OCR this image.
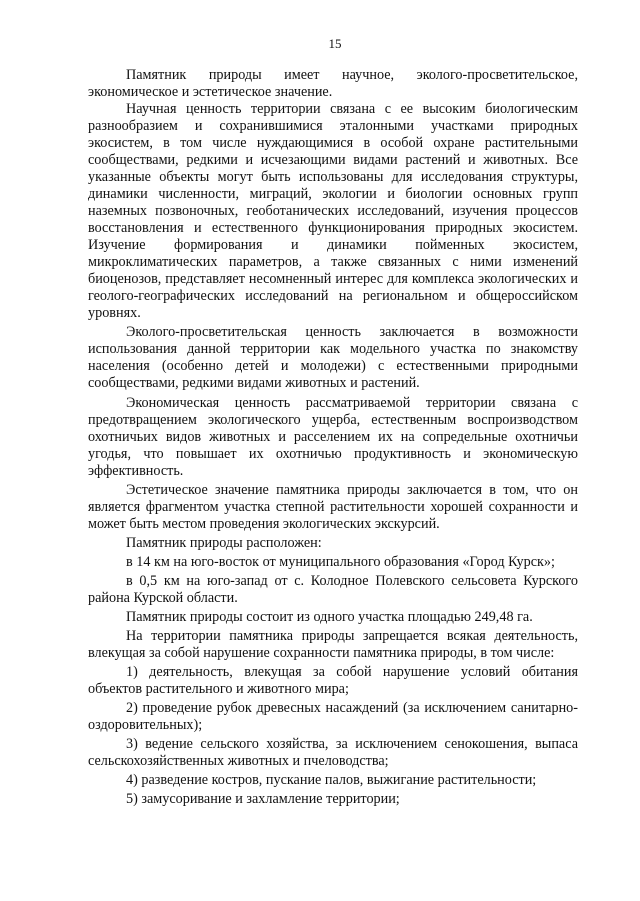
15

Памятник природы имеет научное, эколого-просветительское, экономическое и эстетическое значение.

Научная ценность территории связана с ее высоким биологическим разнообразием и сохранившимися эталонными участками природных экосистем, в том числе нуждающимися в особой охране растительными сообществами, редкими и исчезающими видами растений и животных. Все указанные объекты могут быть использованы для исследования структуры, динамики численности, миграций, экологии и биологии основных групп наземных позвоночных, геоботанических исследований, изучения процессов восстановления и естественного функционирования природных экосистем. Изучение формирования и динамики пойменных экосистем, микроклиматических параметров, а также связанных с ними изменений биоценозов, представляет несомненный интерес для комплекса экологических и геолого-географических исследований на региональном и общероссийском уровнях.

Эколого-просветительская ценность заключается в возможности использования данной территории как модельного участка по знакомству населения (особенно детей и молодежи) с естественными природными сообществами, редкими видами животных и растений.

Экономическая ценность рассматриваемой территории связана с предотвращением экологического ущерба, естественным воспроизводством охотничьих видов животных и расселением их на сопредельные охотничьи угодья, что повышает их охотничью продуктивность и экономическую эффективность.

Эстетическое значение памятника природы заключается в том, что он является фрагментом участка степной растительности хорошей сохранности и может быть местом проведения экологических экскурсий.

Памятник природы расположен:

в 14 км на юго-восток от муниципального образования «Город Курск»;

в 0,5 км на юго-запад от с. Колодное Полевского сельсовета Курского района Курской области.

Памятник природы состоит из одного участка площадью 249,48 га.

На территории памятника природы запрещается всякая деятельность, влекущая за собой нарушение сохранности памятника природы, в том числе:

1) деятельность, влекущая за собой нарушение условий обитания объектов растительного и животного мира;

2) проведение рубок древесных насаждений (за исключением санитарно-оздоровительных);

3) ведение сельского хозяйства, за исключением сенокошения, выпаса сельскохозяйственных животных и пчеловодства;

4) разведение костров, пускание палов, выжигание растительности;

5) замусоривание и захламление территории;
